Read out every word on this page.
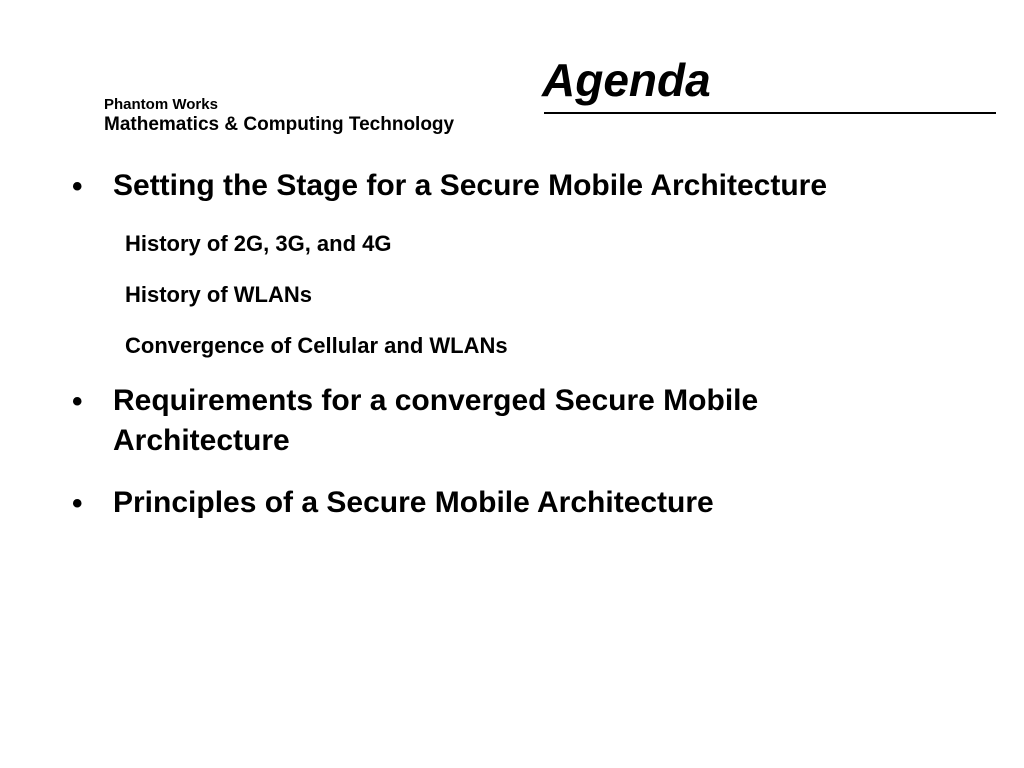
Phantom Works
Mathematics & Computing Technology
Agenda
• Setting the Stage for a Secure Mobile Architecture
History of 2G, 3G, and 4G
History of WLANs
Convergence of Cellular and WLANs
• Requirements for a converged Secure Mobile Architecture
• Principles of a Secure Mobile Architecture
